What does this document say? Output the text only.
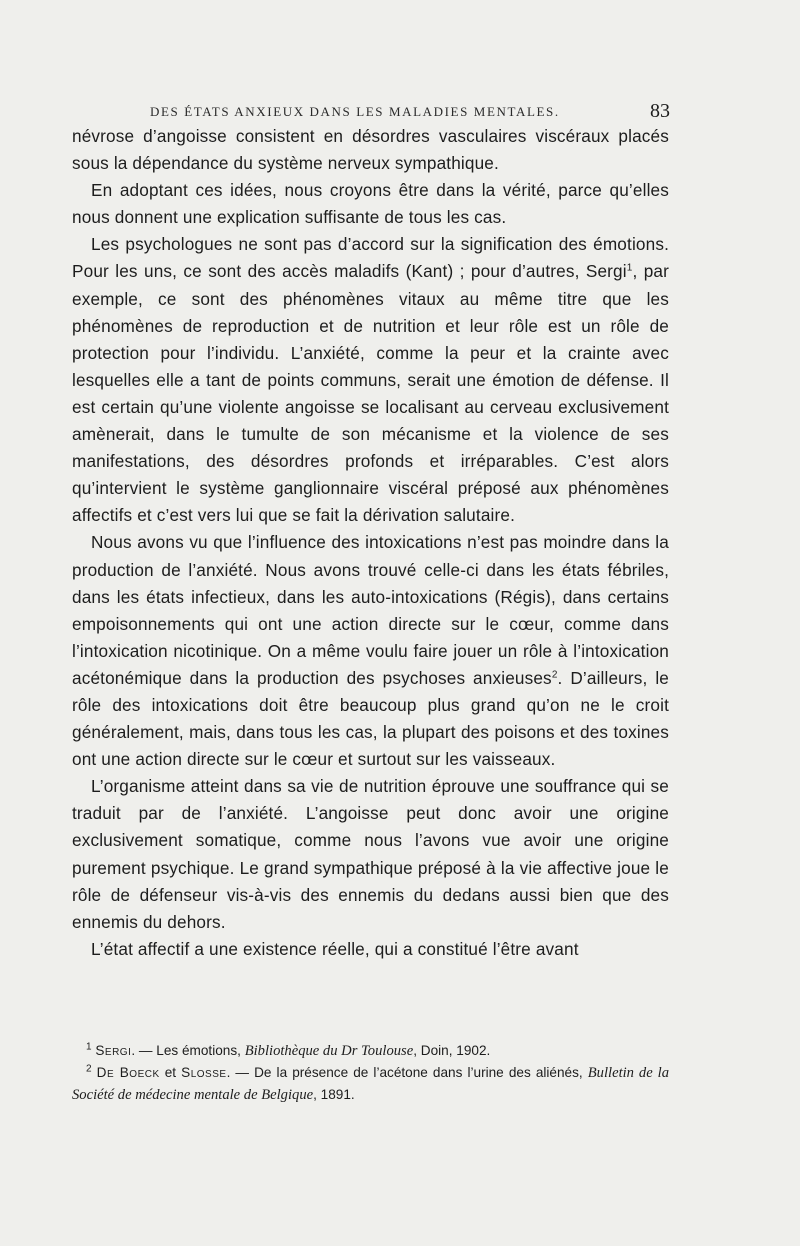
DES ÉTATS ANXIEUX DANS LES MALADIES MENTALES.	83

névrose d’angoisse consistent en désordres vasculaires viscéraux placés sous la dépendance du système nerveux sympathique.

En adoptant ces idées, nous croyons être dans la vérité, parce qu’elles nous donnent une explication suffisante de tous les cas.

Les psychologues ne sont pas d’accord sur la signification des émotions. Pour les uns, ce sont des accès maladifs (Kant) ; pour d’autres, Sergi$^1$, par exemple, ce sont des phénomènes vitaux au même titre que les phénomènes de reproduction et de nutrition et leur rôle est un rôle de protection pour l’individu. L’anxiété, comme la peur et la crainte avec lesquelles elle a tant de points communs, serait une émotion de défense. Il est certain qu’une violente angoisse se localisant au cerveau exclusivement amènerait, dans le tumulte de son mécanisme et la violence de ses manifestations, des désordres profonds et irréparables. C’est alors qu’intervient le système ganglionnaire viscéral préposé aux phénomènes affectifs et c’est vers lui que se fait la dérivation salutaire.

Nous avons vu que l’influence des intoxications n’est pas moindre dans la production de l’anxiété. Nous avons trouvé celle-ci dans les états fébriles, dans les états infectieux, dans les auto-intoxications (Régis), dans certains empoisonnements qui ont une action directe sur le cœur, comme dans l’intoxication nicotinique. On a même voulu faire jouer un rôle à l’intoxication acétonémique dans la production des psychoses anxieuses$^2$. D’ailleurs, le rôle des intoxications doit être beaucoup plus grand qu’on ne le croit généralement, mais, dans tous les cas, la plupart des poisons et des toxines ont une action directe sur le cœur et surtout sur les vaisseaux.

L’organisme atteint dans sa vie de nutrition éprouve une souffrance qui se traduit par de l’anxiété. L’angoisse peut donc avoir une origine exclusivement somatique, comme nous l’avons vue avoir une origine purement psychique. Le grand sympathique préposé à la vie affective joue le rôle de défenseur vis-à-vis des ennemis du dedans aussi bien que des ennemis du dehors.

L’état affectif a une existence réelle, qui a constitué l’être avant

$^1$ Sergi. — Les émotions, Bibliothèque du Dr Toulouse, Doin, 1902.

$^2$ De Boeck et Slosse. — De la présence de l’acétone dans l’urine des aliénés, Bulletin de la Société de médecine mentale de Belgique, 1891.
